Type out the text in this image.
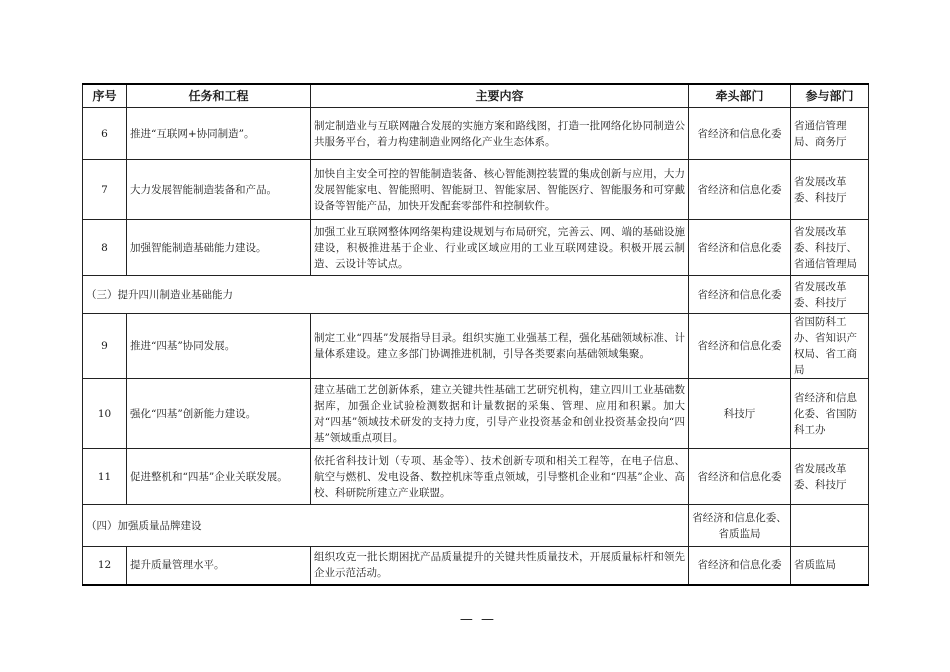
序号	任务和工程	主要内容	牵头部门	参与部门
6	推进“互联网+协同制造”。	制定制造业与互联网融合发展的实施方案和路线图，打造一批网络化协同制造公共服务平台，着力构建制造业网络化产业生态体系。	省经济和信息化委	省通信管理局、商务厅
7	大力发展智能制造装备和产品。	加快自主安全可控的智能制造装备、核心智能测控装置的集成创新与应用，大力发展智能家电、智能照明、智能厨卫、智能家居、智能医疗、智能服务和可穿戴设备等智能产品，加快开发配套零部件和控制软件。	省经济和信息化委	省发展改革委、科技厅
8	加强智能制造基础能力建设。	加强工业互联网整体网络架构建设规划与布局研究，完善云、网、端的基础设施建设，积极推进基于企业、行业或区域应用的工业互联网建设。积极开展云制造、云设计等试点。	省经济和信息化委	省发展改革委、科技厅、省通信管理局
（三）提升四川制造业基础能力			省经济和信息化委	省发展改革委、科技厅
9	推进“四基”协同发展。	制定工业“四基”发展指导目录。组织实施工业强基工程，强化基础领域标准、计量体系建设。建立多部门协调推进机制，引导各类要素向基础领域集聚。	省经济和信息化委	省国防科工办、省知识产权局、省工商局
10	强化“四基”创新能力建设。	建立基础工艺创新体系，建立关键共性基础工艺研究机构，建立四川工业基础数据库，加强企业试验检测数据和计量数据的采集、管理、应用和积累。加大对“四基”领域技术研发的支持力度，引导产业投资基金和创业投资基金投向“四基”领域重点项目。	科技厅	省经济和信息化委、省国防科工办
11	促进整机和“四基”企业关联发展。	依托省科技计划（专项、基金等）、技术创新专项和相关工程等，在电子信息、航空与燃机、发电设备、数控机床等重点领域，引导整机企业和“四基”企业、高校、科研院所建立产业联盟。	省经济和信息化委	省发展改革委、科技厅
（四）加强质量品牌建设			省经济和信息化委、省质监局	
12	提升质量管理水平。	组织攻克一批长期困扰产品质量提升的关键共性质量技术，开展质量标杆和领先企业示范活动。	省经济和信息化委	省质监局
— —
